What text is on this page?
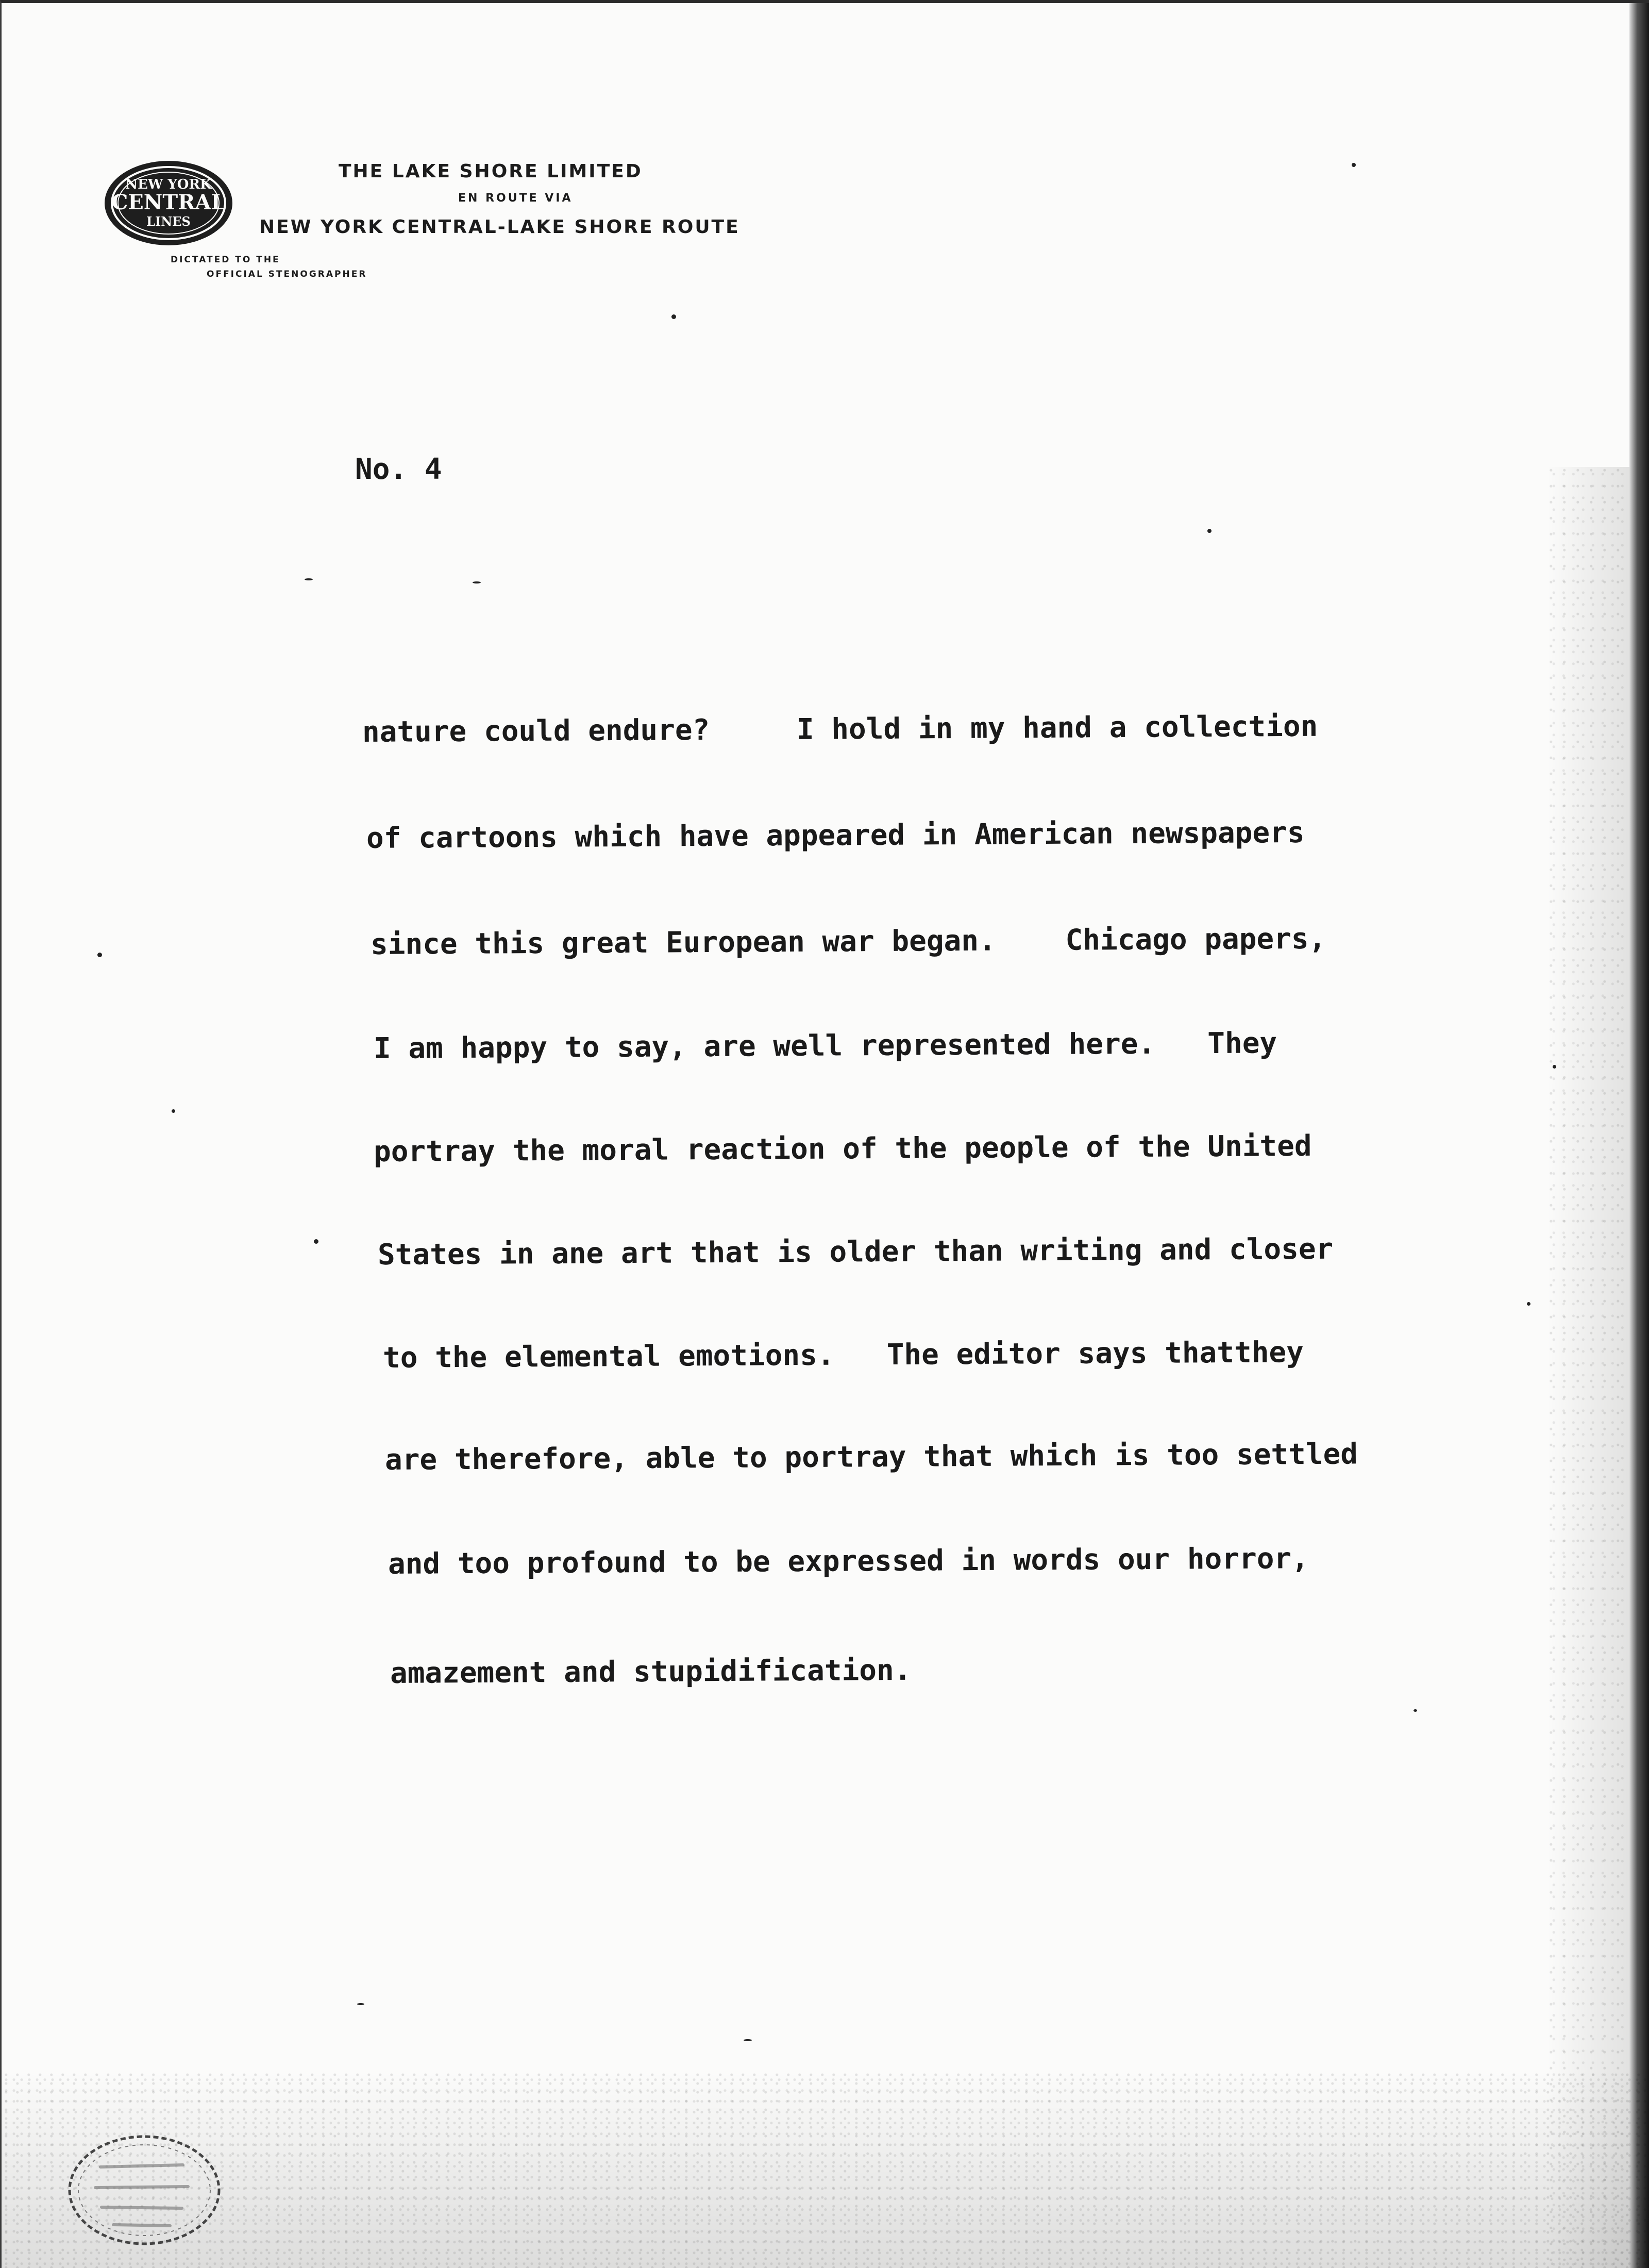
NEW YORK
CENTRAL
LINES
THE LAKE SHORE LIMITED
EN ROUTE VIA
NEW YORK CENTRAL-LAKE SHORE ROUTE
DICTATED TO THE
OFFICIAL STENOGRAPHER
No. 4
nature could endure?     I hold in my hand a collection
of cartoons which have appeared in American newspapers
since this great European war began.    Chicago papers,
I am happy to say, are well represented here.   They
portray the moral reaction of the people of the United
States in ane art that is older than writing and closer
to the elemental emotions.   The editor says thatthey
are therefore, able to portray that which is too settled
and too profound to be expressed in words our horror,
amazement and stupidification.
